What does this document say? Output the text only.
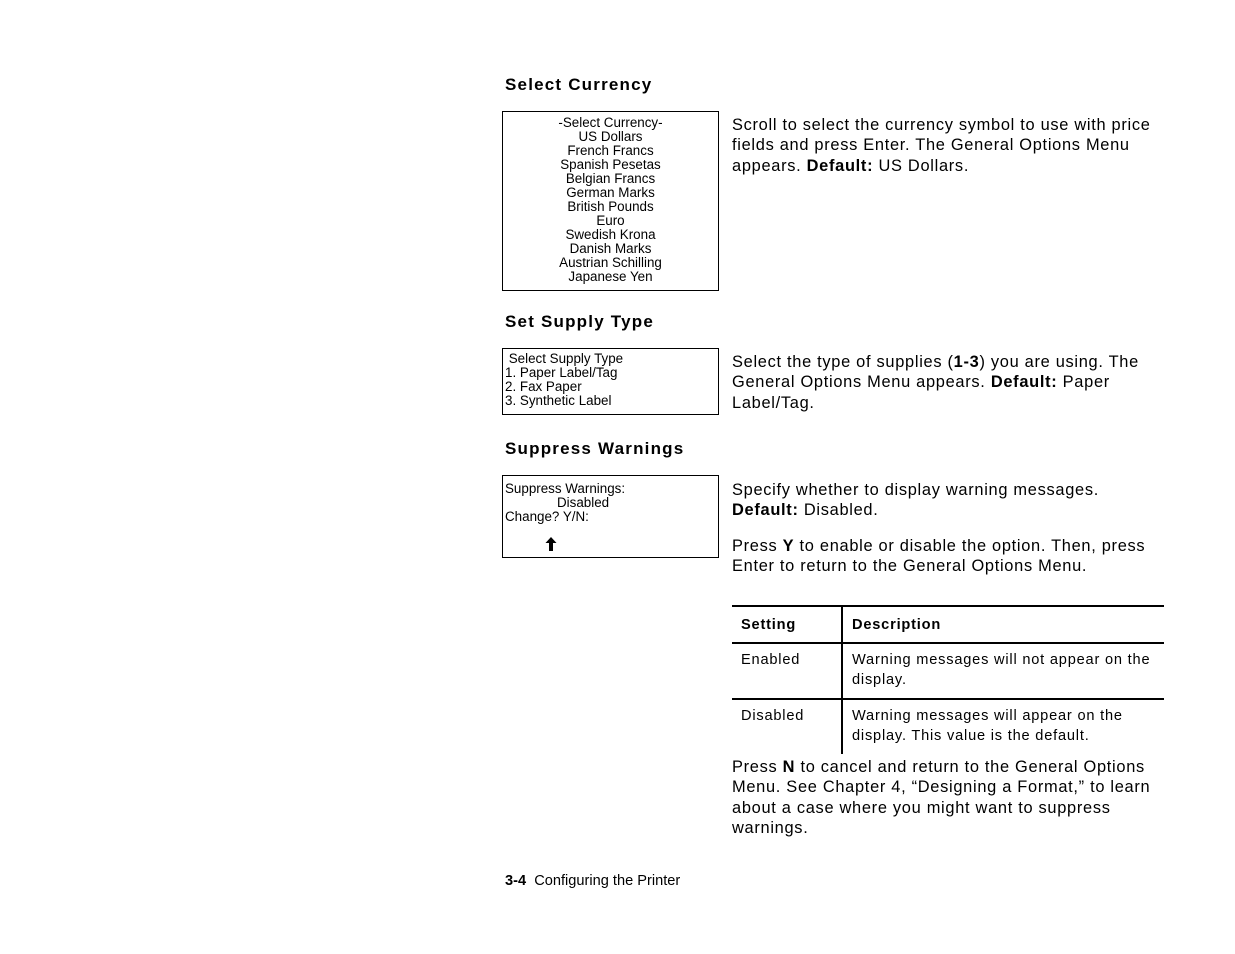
Select Currency
-Select Currency-
US Dollars
French Francs
Spanish Pesetas
Belgian Francs
German Marks
British Pounds
Euro
Swedish Krona
Danish Marks
Austrian Schilling
Japanese Yen
Scroll to select the currency symbol to use with price fields and press Enter. The General Options Menu appears. Default: US Dollars.
Set Supply Type
Select Supply Type
1. Paper Label/Tag
2. Fax Paper
3. Synthetic Label
Select the type of supplies (1-3) you are using. The General Options Menu appears. Default: Paper Label/Tag.
Suppress Warnings
Suppress Warnings:
Disabled
Change? Y/N:
Specify whether to display warning messages. Default: Disabled.
Press Y to enable or disable the option. Then, press Enter to return to the General Options Menu.
Setting	Description
Enabled	Warning messages will not appear on the display.
Disabled	Warning messages will appear on the display. This value is the default.
Press N to cancel and return to the General Options Menu. See Chapter 4, “Designing a Format,” to learn about a case where you might want to suppress warnings.
3-4  Configuring the Printer
